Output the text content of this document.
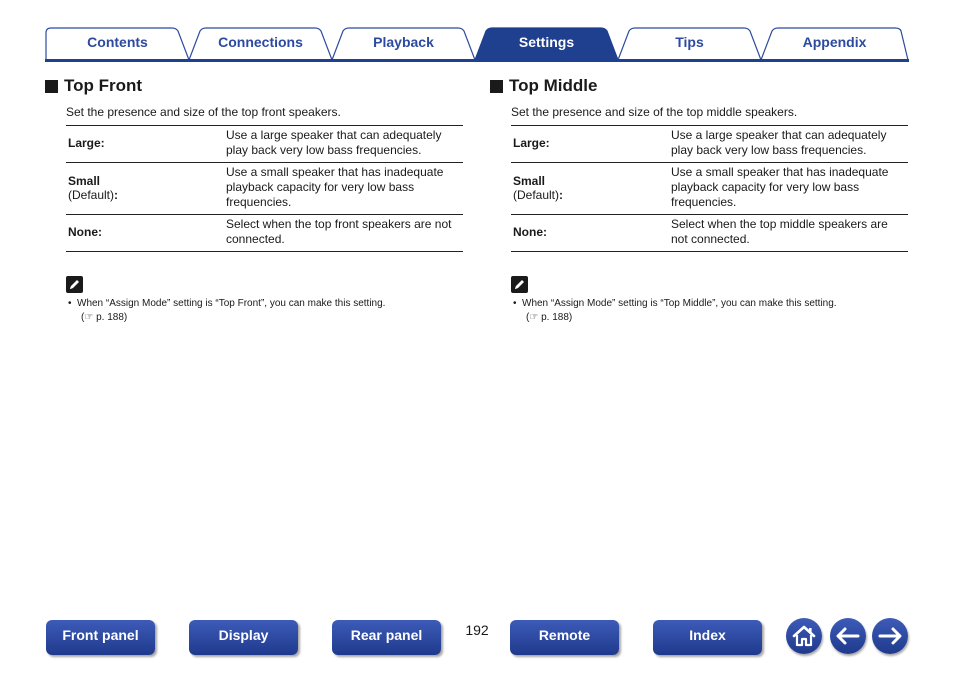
Contents	Connections	Playback	Settings	Tips	Appendix
Top Front
Set the presence and size of the top front speakers.
Large:
Use a large speaker that can adequately play back very low bass frequencies.
Small
(Default):
Use a small speaker that has inadequate playback capacity for very low bass frequencies.
None:
Select when the top front speakers are not connected.
• When “Assign Mode” setting is “Top Front”, you can make this setting.
(☞ p. 188)
Top Middle
Set the presence and size of the top middle speakers.
Large:
Use a large speaker that can adequately play back very low bass frequencies.
Small
(Default):
Use a small speaker that has inadequate playback capacity for very low bass frequencies.
None:
Select when the top middle speakers are not connected.
• When “Assign Mode” setting is “Top Middle”, you can make this setting.
(☞ p. 188)
Front panel	Display	Rear panel	192	Remote	Index
